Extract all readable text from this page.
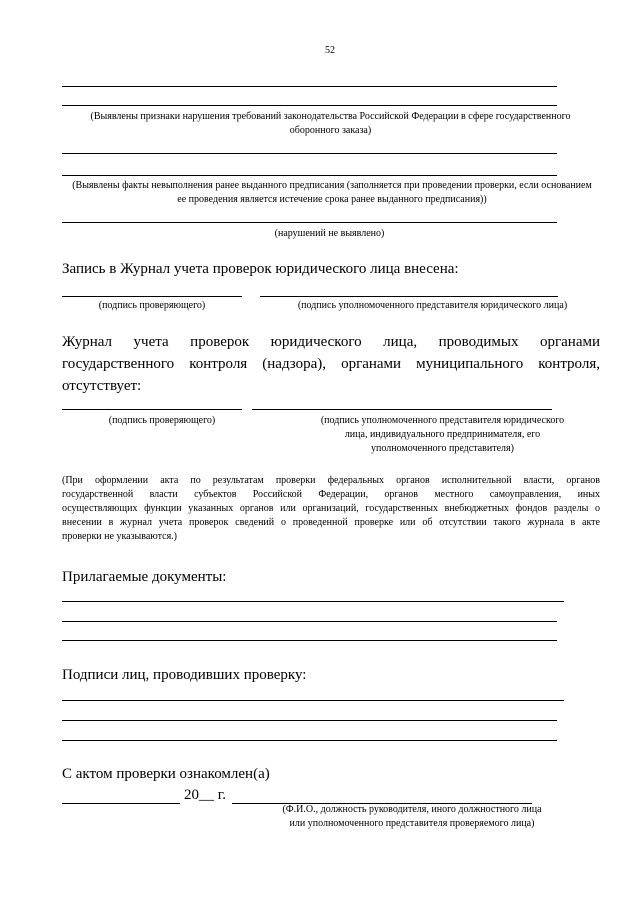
52
(Выявлены признаки нарушения требований законодательства Российской Федерации в сфере государственного оборонного заказа)
(Выявлены факты невыполнения ранее выданного предписания (заполняется при проведении проверки, если основанием ее проведения является истечение срока ранее выданного предписания))
(нарушений не выявлено)
Запись в Журнал учета проверок юридического лица внесена:
(подпись проверяющего)	(подпись уполномоченного представителя юридического лица)
Журнал учета проверок юридического лица, проводимых органами
государственного контроля (надзора), органами муниципального контроля,
отсутствует:
(подпись проверяющего)	(подпись уполномоченного представителя юридического
лица, индивидуального предпринимателя, его
уполномоченного представителя)
(При оформлении акта по результатам проверки федеральных органов исполнительной власти, органов
государственной власти субъектов Российской Федерации, органов местного самоуправления, иных
осуществляющих функции указанных органов или организаций, государственных внебюджетных фондов разделы о
внесении в журнал учета проверок сведений о проведенной проверке или об отсутствии такого журнала в акте
проверки не указываются.)
Прилагаемые документы:
Подписи лиц, проводивших проверку:
С актом проверки ознакомлен(а)
20__ г.
(Ф.И.О., должность руководителя, иного должностного лица
или уполномоченного представителя проверяемого лица)
